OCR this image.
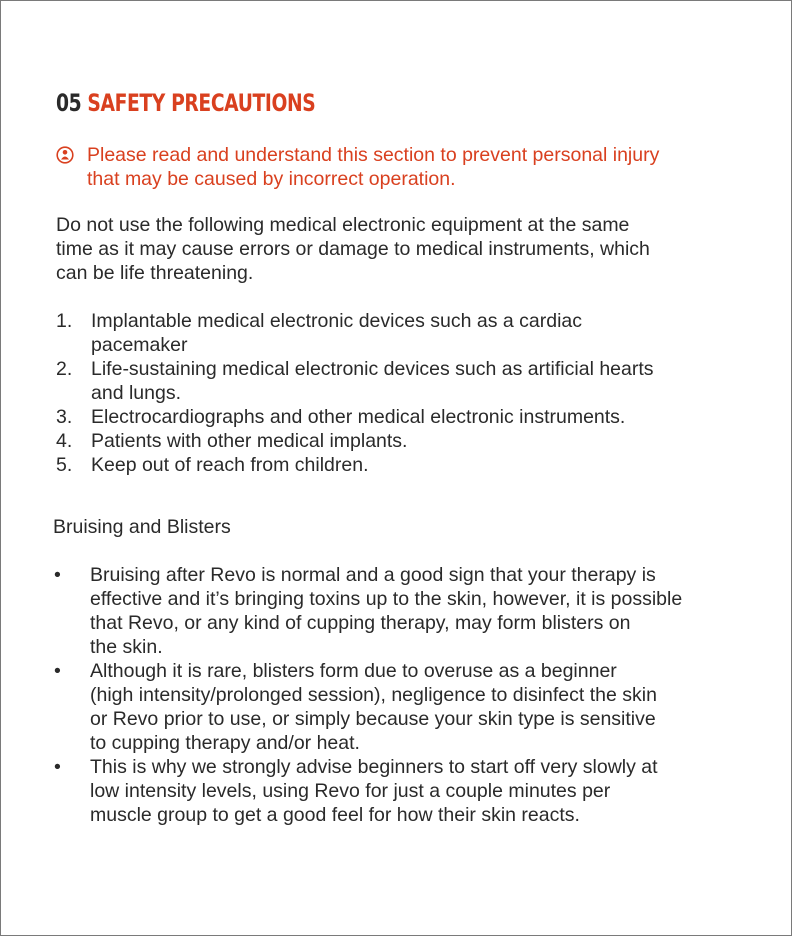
05 SAFETY PRECAUTIONS
Please read and understand this section to prevent personal injury
that may be caused by incorrect operation.
Do not use the following medical electronic equipment at the same
time as it may cause errors or damage to medical instruments, which
can be life threatening.
1. Implantable medical electronic devices such as a cardiac
pacemaker
2. Life-sustaining medical electronic devices such as artificial hearts
and lungs.
3. Electrocardiographs and other medical electronic instruments.
4. Patients with other medical implants.
5. Keep out of reach from children.
Bruising and Blisters
•	Bruising after Revo is normal and a good sign that your therapy is
effective and it’s bringing toxins up to the skin, however, it is possible
that Revo, or any kind of cupping therapy, may form blisters on
the skin.
•	Although it is rare, blisters form due to overuse as a beginner
(high intensity/prolonged session), negligence to disinfect the skin
or Revo prior to use, or simply because your skin type is sensitive
to cupping therapy and/or heat.
•	This is why we strongly advise beginners to start off very slowly at
low intensity levels, using Revo for just a couple minutes per
muscle group to get a good feel for how their skin reacts.
